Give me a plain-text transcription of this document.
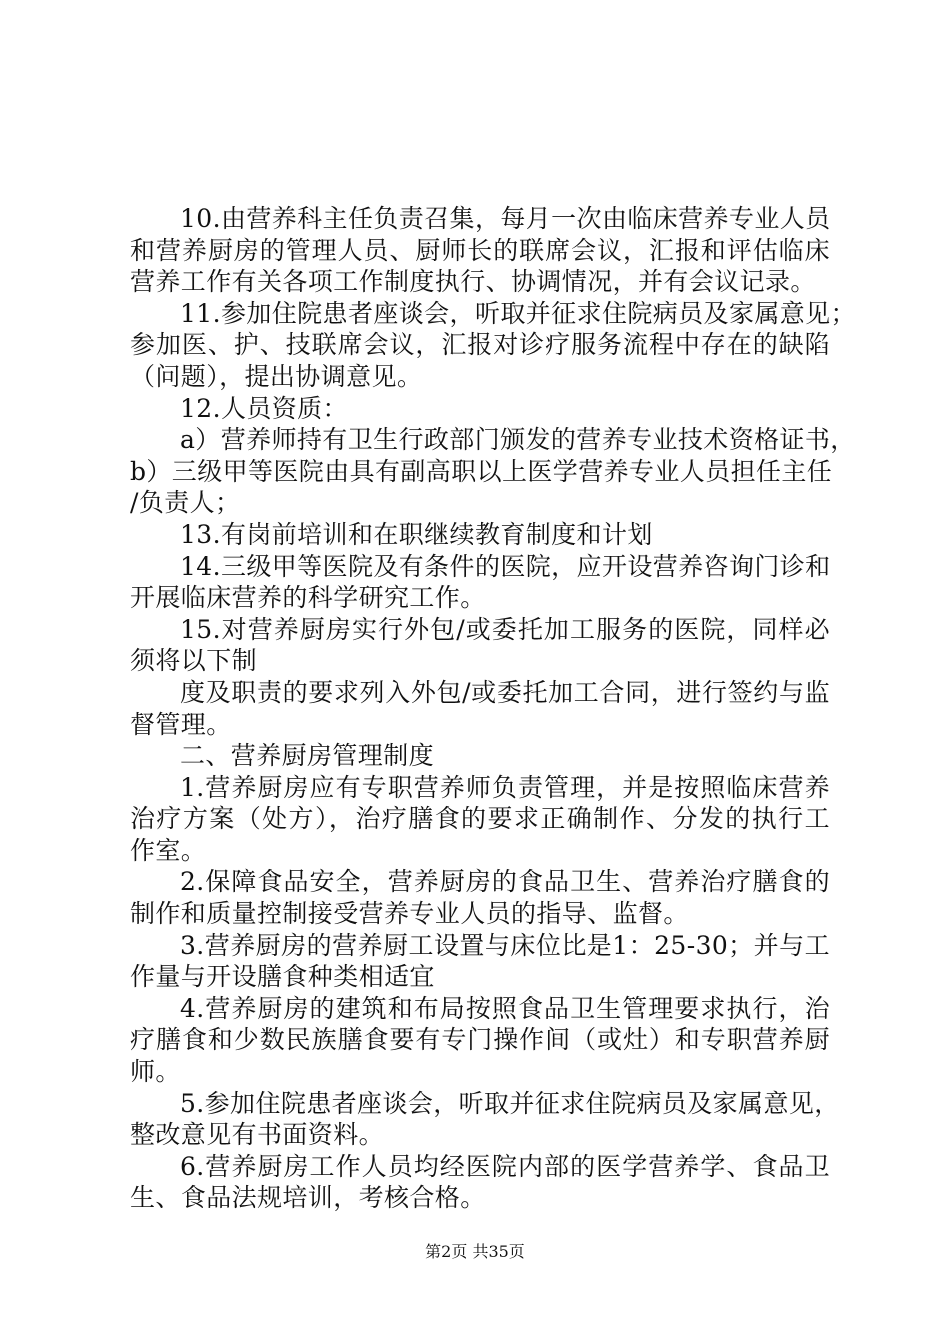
10.由营养科主任负责召集，每月一次由临床营养专业人员
和营养厨房的管理人员、厨师长的联席会议，汇报和评估临床
营养工作有关各项工作制度执行、协调情况，并有会议记录。
11.参加住院患者座谈会，听取并征求住院病员及家属意见；
参加医、护、技联席会议，汇报对诊疗服务流程中存在的缺陷
（问题），提出协调意见。
12.人员资质：
a）营养师持有卫生行政部门颁发的营养专业技术资格证书，
b）三级甲等医院由具有副高职以上医学营养专业人员担任主任
/负责人；
13.有岗前培训和在职继续教育制度和计划
14.三级甲等医院及有条件的医院，应开设营养咨询门诊和
开展临床营养的科学研究工作。
15.对营养厨房实行外包/或委托加工服务的医院，同样必
须将以下制
度及职责的要求列入外包/或委托加工合同，进行签约与监
督管理。
二、营养厨房管理制度
1.营养厨房应有专职营养师负责管理，并是按照临床营养
治疗方案（处方），治疗膳食的要求正确制作、分发的执行工
作室。
2.保障食品安全，营养厨房的食品卫生、营养治疗膳食的
制作和质量控制接受营养专业人员的指导、监督。
3.营养厨房的营养厨工设置与床位比是1：25-30；并与工
作量与开设膳食种类相适宜
4.营养厨房的建筑和布局按照食品卫生管理要求执行，治
疗膳食和少数民族膳食要有专门操作间（或灶）和专职营养厨
师。
5.参加住院患者座谈会，听取并征求住院病员及家属意见，
整改意见有书面资料。
6.营养厨房工作人员均经医院内部的医学营养学、食品卫
生、食品法规培训，考核合格。
第2页 共35页
